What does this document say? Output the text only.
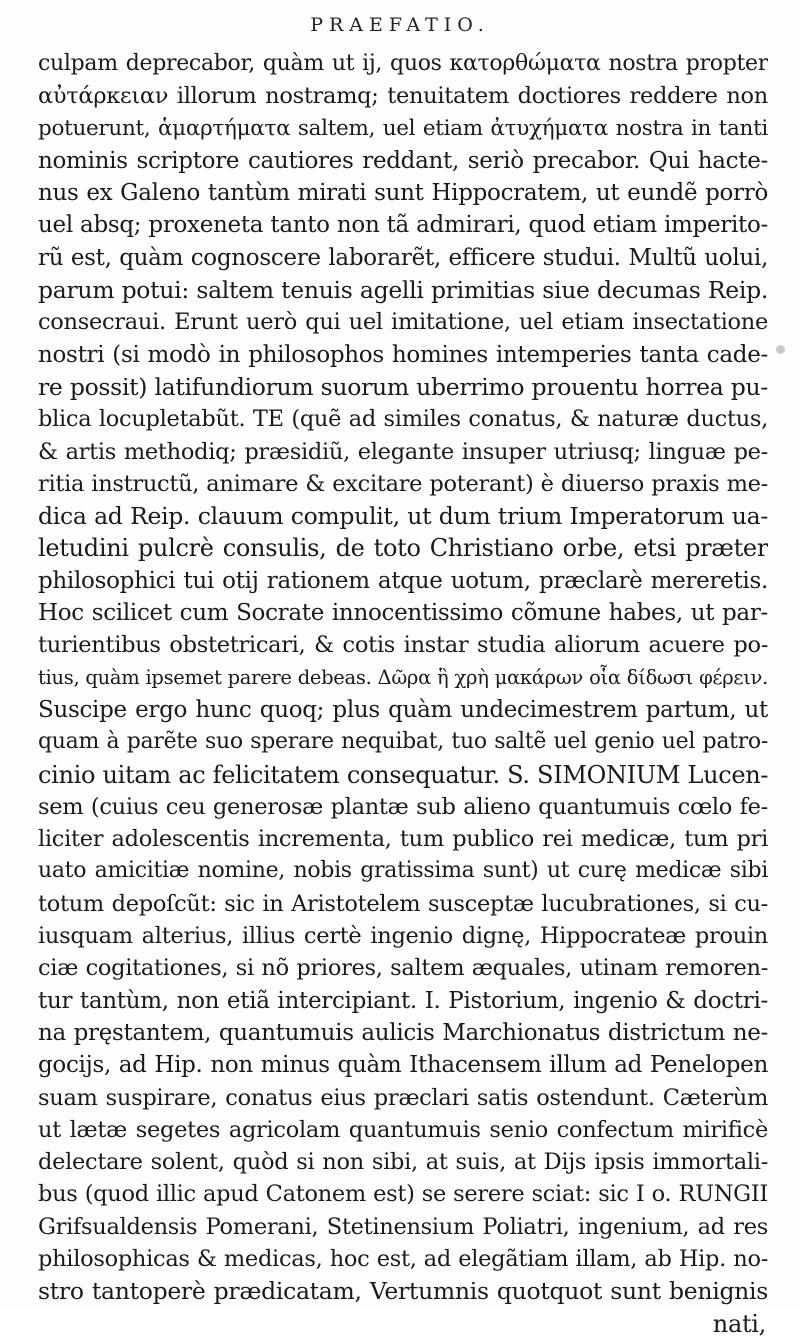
PRAEFATIO.
culpam deprecabor, quàm ut ij, quos κατορθώματα nostra propter
αὐτάρκειαν illorum nostramq; tenuitatem doctiores reddere non
potuerunt, ἁμαρτήματα saltem, uel etiam ἀτυχήματα nostra in tanti
nominis scriptore cautiores reddant, seriò precabor. Qui hacte-
nus ex Galeno tantùm mirati sunt Hippocratem, ut eundẽ porrò
uel absq; proxeneta tanto non tã admirari, quod etiam imperito-
rũ est, quàm cognoscere laborarẽt, efficere studui. Multũ uolui,
parum potui: saltem tenuis agelli primitias siue decumas Reip.
consecraui. Erunt uerò qui uel imitatione, uel etiam insectatione
nostri (si modò in philosophos homines intemperies tanta cade-
re possit) latifundiorum suorum uberrimo prouentu horrea pu-
blica locupletabũt. TE (quẽ ad similes conatus, & naturæ ductus,
& artis methodiq; præsidiũ, elegante insuper utriusq; linguæ pe-
ritia instructũ, animare & excitare poterant) è diuerso praxis me-
dica ad Reip. clauum compulit, ut dum trium Imperatorum ua-
letudini pulcrè consulis, de toto Christiano orbe, etsi præter
philosophici tui otij rationem atque uotum, præclarè mereretis.
Hoc scilicet cum Socrate innocentissimo cõmune habes, ut par-
turientibus obstetricari, & cotis instar studia aliorum acuere po-
tius, quàm ipsemet parere debeas. Δῶρα ἣ χρὴ μακάρων οἷα δίδωσι φέρειν.
Suscipe ergo hunc quoq; plus quàm undecimestrem partum, ut
quam à parẽte suo sperare nequibat, tuo saltẽ uel genio uel patro-
cinio uitam ac felicitatem consequatur. S. SIMONIUM Lucen-
sem (cuius ceu generosæ plantæ sub alieno quantumuis cœlo fe-
liciter adolescentis incrementa, tum publico rei medicæ, tum pri
uato amicitiæ nomine, nobis gratissima sunt) ut curę medicæ sibi
totum depoſcũt: sic in Aristotelem susceptæ lucubrationes, si cu-
iusquam alterius, illius certè ingenio dignę, Hippocrateæ prouin
ciæ cogitationes, si nõ priores, saltem æquales, utinam remoren-
tur tantùm, non etiã intercipiant. I. Pistorium, ingenio & doctri-
na pręstantem, quantumuis aulicis Marchionatus districtum ne-
gocijs, ad Hip. non minus quàm Ithacensem illum ad Penelopen
suam suspirare, conatus eius præclari satis ostendunt. Cæterùm
ut lætæ segetes agricolam quantumuis senio confectum mirificè
delectare solent, quòd si non sibi, at suis, at Dijs ipsis immortali-
bus (quod illic apud Catonem est) se serere sciat: sic I o. RUNGII
Grifsualdensis Pomerani, Stetinensium Poliatri, ingenium, ad res
philosophicas & medicas, hoc est, ad elegãtiam illam, ab Hip. no-
stro tantoperè prædicatam, Vertumnis quotquot sunt benignis
nati,
